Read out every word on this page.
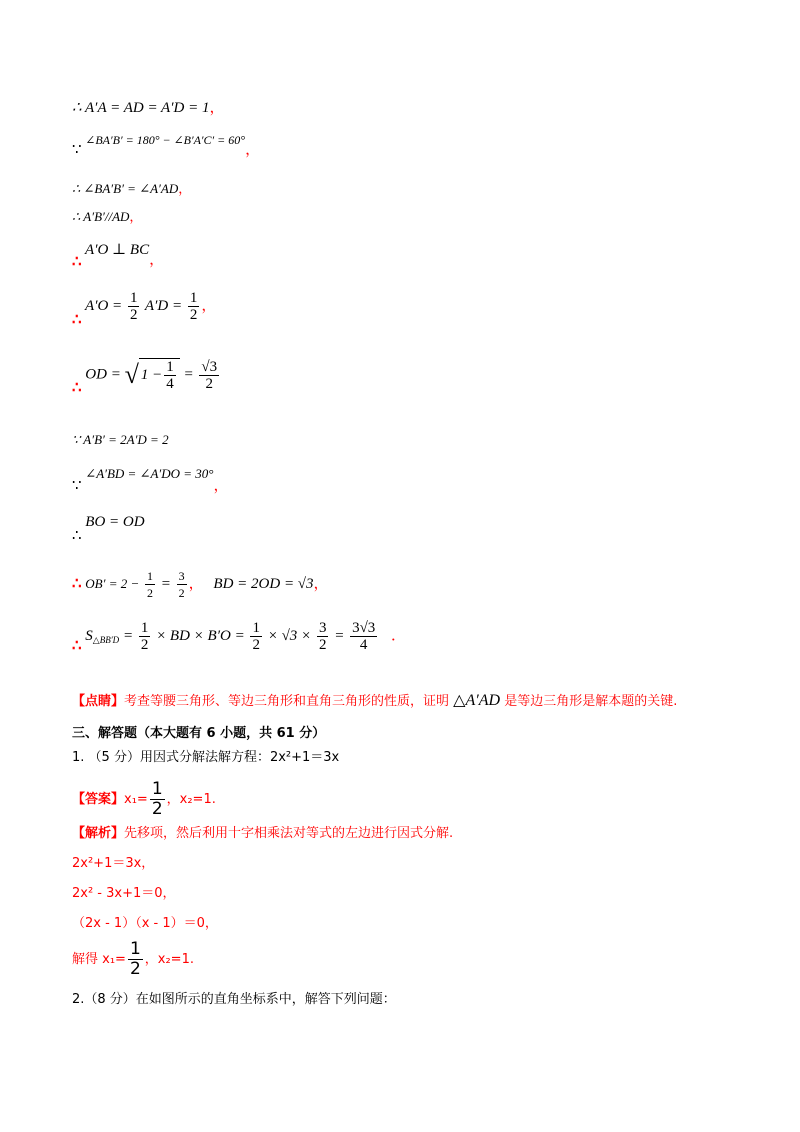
∴ A′A = AD = A′D = 1，
∵ ∠BA′B′ = 180° − ∠B′A′C′ = 60°，
∴ ∠BA′B′ = ∠A′AD，
∴ A′B′//AD，
∴ A′O ⊥ BC，
∴ $A'O = \frac{1}{2} A'D = \frac{1}{2}$ ，
∴ OD = √ $1 - \frac{1}{4} = \frac{√3}{2}$
∵ A′B′ = 2A′D = 2
∵ ∠A′BD = ∠A′DO = 30°，
∴ BO = OD
∴ $OB' = 2 - \frac{1}{2} = \frac{3}{2}$ ， BD = 2OD = √3，
∴ $S_{\triangle BB'D} = \frac{1}{2}$ × BD × $B'O = \frac{1}{2} \times √3 \times \frac{3}{2} = \frac{3√3}{4}$ ．
【点睛】考查等腰三角形、等边三角形和直角三角形的性质，证明 △A′AD 是等边三角形是解本题的关键.
三、解答题（本大题有 6 小题，共 61 分）
1. （5 分）用因式分解法解方程：2x²+1＝3x
【答案】$x_1= \frac{1}{2}$ ，x₂=1.
【解析】先移项，然后利用十字相乘法对等式的左边进行因式分解.
2x²+1＝3x，
2x² - 3x+1＝0，
（2x - 1）（x - 1）＝0，
解得 $x_1= \frac{1}{2}$ ，x₂=1.
2.（8 分）在如图所示的直角坐标系中，解答下列问题：
